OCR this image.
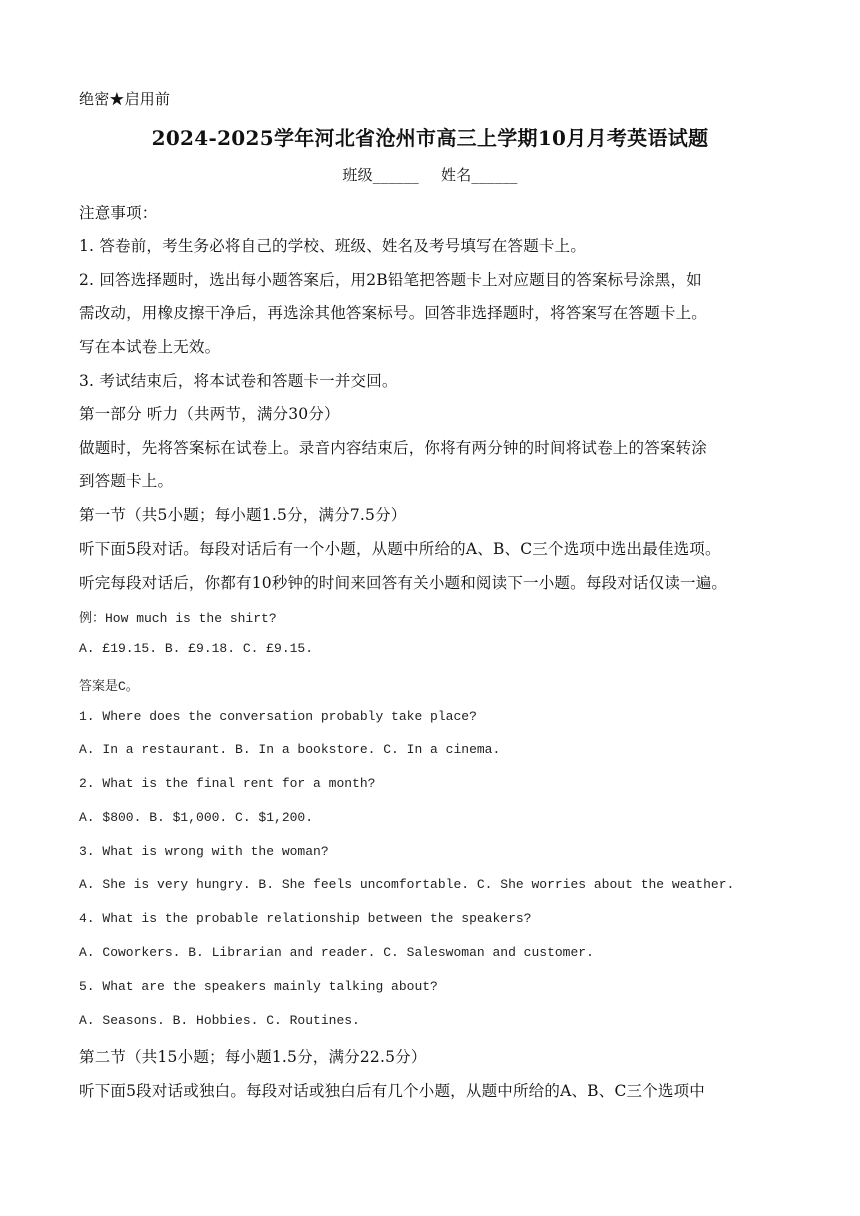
绝密★启用前
2024-2025学年河北省沧州市高三上学期10月月考英语试题
班级______ 姓名______
注意事项：
1. 答卷前，考生务必将自己的学校、班级、姓名及考号填写在答题卡上。
2. 回答选择题时，选出每小题答案后，用2B铅笔把答题卡上对应题目的答案标号涂黑，如
需改动，用橡皮擦干净后，再选涂其他答案标号。回答非选择题时，将答案写在答题卡上。
写在本试卷上无效。
3. 考试结束后，将本试卷和答题卡一并交回。
第一部分 听力（共两节，满分30分）
做题时，先将答案标在试卷上。录音内容结束后，你将有两分钟的时间将试卷上的答案转涂
到答题卡上。
第一节（共5小题；每小题1.5分，满分7.5分）
听下面5段对话。每段对话后有一个小题，从题中所给的A、B、C三个选项中选出最佳选项。
听完每段对话后，你都有10秒钟的时间来回答有关小题和阅读下一小题。每段对话仅读一遍。
例：How much is the shirt?
A. £19.15. B. £9.18. C. £9.15.
答案是C。
1. Where does the conversation probably take place?
A. In a restaurant. B. In a bookstore. C. In a cinema.
2. What is the final rent for a month?
A. $800. B. $1,000. C. $1,200.
3. What is wrong with the woman?
A. She is very hungry. B. She feels uncomfortable. C. She worries about the weather.
4. What is the probable relationship between the speakers?
A. Coworkers. B. Librarian and reader. C. Saleswoman and customer.
5. What are the speakers mainly talking about?
A. Seasons. B. Hobbies. C. Routines.
第二节（共15小题；每小题1.5分，满分22.5分）
听下面5段对话或独白。每段对话或独白后有几个小题，从题中所给的A、B、C三个选项中
